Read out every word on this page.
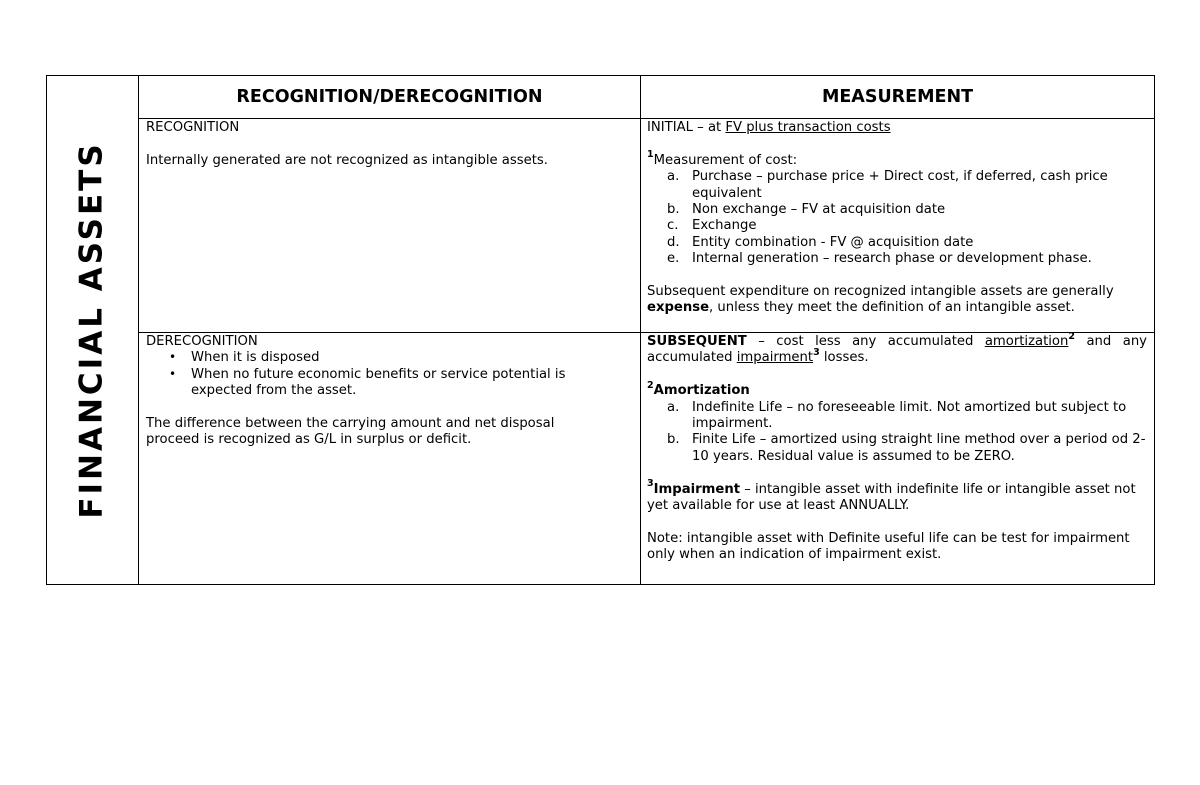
FINANCIAL ASSETS
RECOGNITION/DERECOGNITION	MEASUREMENT

RECOGNITION

Internally generated are not recognized as intangible assets.

INITIAL – at FV plus transaction costs

$^1$Measurement of cost:

a. Purchase – purchase price + Direct cost, if deferred, cash price equivalent
b. Non exchange – FV at acquisition date
c. Exchange
d. Entity combination - FV @ acquisition date
e. Internal generation – research phase or development phase.

Subsequent expenditure on recognized intangible assets are generally expense, unless they meet the definition of an intangible asset.

DERECOGNITION

• When it is disposed
• When no future economic benefits or service potential is expected from the asset.

The difference between the carrying amount and net disposal proceed is recognized as G/L in surplus or deficit.

SUBSEQUENT – cost less any accumulated amortization$^2$ and any accumulated impairment$^3$ losses.

$^2$Amortization

a. Indefinite Life – no foreseeable limit. Not amortized but subject to impairment.
b. Finite Life – amortized using straight line method over a period od 2-10 years. Residual value is assumed to be ZERO.

$^3$Impairment – intangible asset with indefinite life or intangible asset not yet available for use at least ANNUALLY.

Note: intangible asset with Definite useful life can be test for impairment only when an indication of impairment exist.
